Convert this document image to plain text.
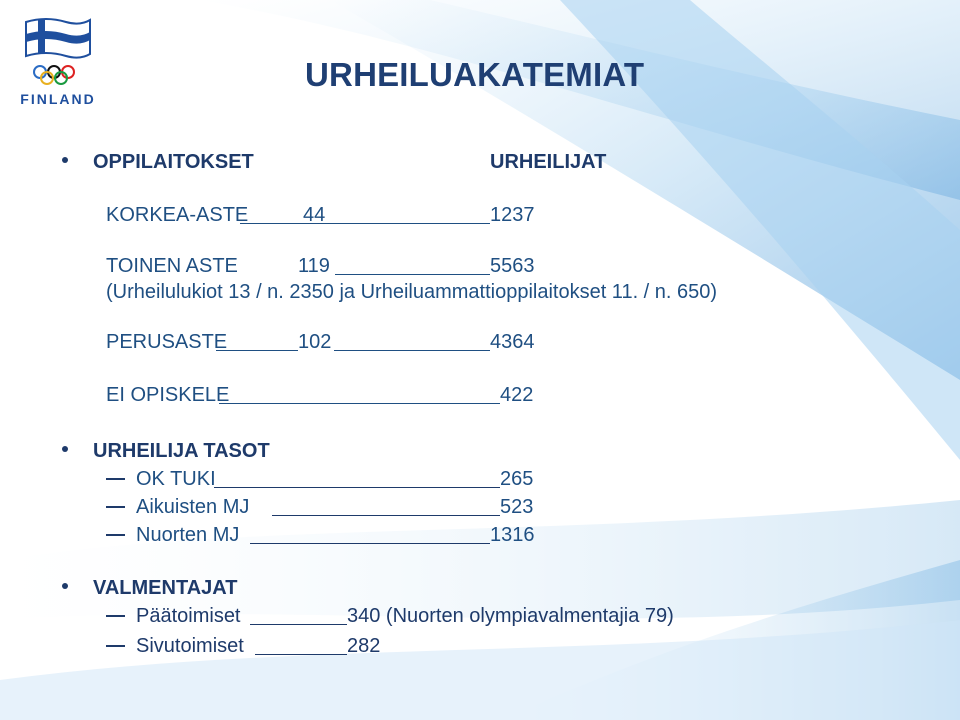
FINLAND
URHEILUAKATEMIAT
OPPILAITOKSET	URHEILIJAT
KORKEA-ASTE	44	1237
TOINEN ASTE	119	5563
(Urheilulukiot 13 / n. 2350 ja Urheiluammattioppilaitokset 11. / n. 650)
PERUSASTE	102	4364
EI OPISKELE	422
URHEILIJA TASOT
OK TUKI	265
Aikuisten MJ	523
Nuorten MJ	1316
VALMENTAJAT
Päätoimiset	340 (Nuorten olympiavalmentajia 79)
Sivutoimiset	282
